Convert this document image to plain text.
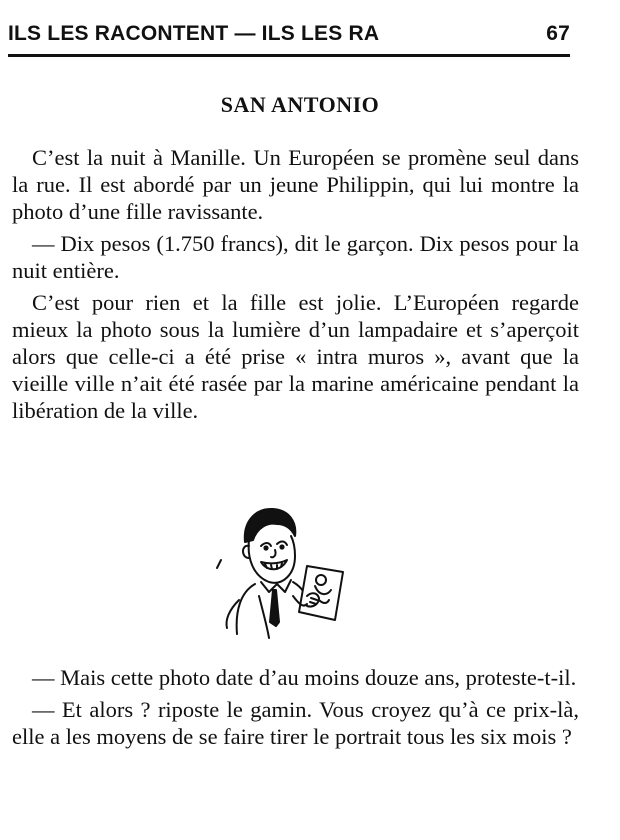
ILS LES RACONTENT — ILS LES RA	67
SAN ANTONIO

C’est la nuit à Manille. Un Européen se promène seul dans la rue. Il est abordé par un jeune Philippin, qui lui montre la photo d’une fille ravissante.

— Dix pesos (1.750 francs), dit le garçon. Dix pesos pour la nuit entière.

C’est pour rien et la fille est jolie. L’Européen regarde mieux la photo sous la lumière d’un lampadaire et s’aperçoit alors que celle-ci a été prise « intra muros », avant que la vieille ville n’ait été rasée par la marine américaine pendant la libération de la ville.

— Mais cette photo date d’au moins douze ans, proteste-t-il.

— Et alors ? riposte le gamin. Vous croyez qu’à ce prix-là, elle a les moyens de se faire tirer le portrait tous les six mois ?
